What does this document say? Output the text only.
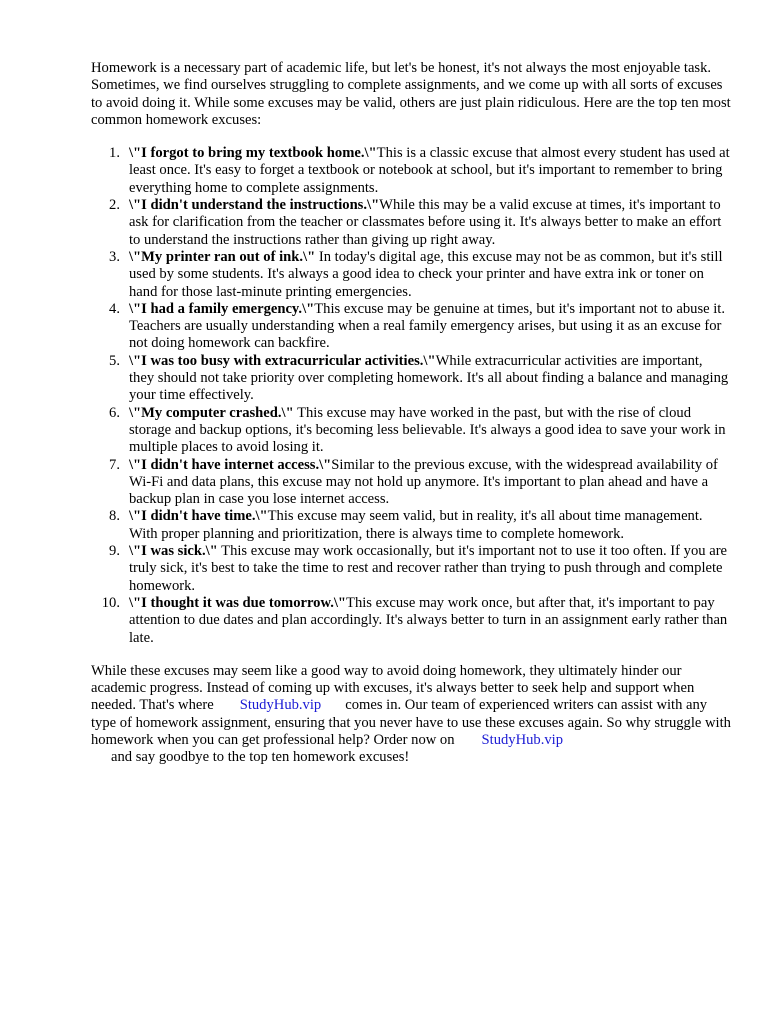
Homework is a necessary part of academic life, but let's be honest, it's not always the most enjoyable task. Sometimes, we find ourselves struggling to complete assignments, and we come up with all sorts of excuses to avoid doing it. While some excuses may be valid, others are just plain ridiculous. Here are the top ten most common homework excuses:

1. \"I forgot to bring my textbook home.\"This is a classic excuse that almost every student has used at least once. It's easy to forget a textbook or notebook at school, but it's important to remember to bring everything home to complete assignments.
2. \"I didn't understand the instructions.\"While this may be a valid excuse at times, it's important to ask for clarification from the teacher or classmates before using it. It's always better to make an effort to understand the instructions rather than giving up right away.
3. \"My printer ran out of ink.\" In today's digital age, this excuse may not be as common, but it's still used by some students. It's always a good idea to check your printer and have extra ink or toner on hand for those last-minute printing emergencies.
4. \"I had a family emergency.\"This excuse may be genuine at times, but it's important not to abuse it. Teachers are usually understanding when a real family emergency arises, but using it as an excuse for not doing homework can backfire.
5. \"I was too busy with extracurricular activities.\"While extracurricular activities are important, they should not take priority over completing homework. It's all about finding a balance and managing your time effectively.
6. \"My computer crashed.\" This excuse may have worked in the past, but with the rise of cloud storage and backup options, it's becoming less believable. It's always a good idea to save your work in multiple places to avoid losing it.
7. \"I didn't have internet access.\"Similar to the previous excuse, with the widespread availability of Wi-Fi and data plans, this excuse may not hold up anymore. It's important to plan ahead and have a backup plan in case you lose internet access.
8. \"I didn't have time.\"This excuse may seem valid, but in reality, it's all about time management. With proper planning and prioritization, there is always time to complete homework.
9. \"I was sick.\" This excuse may work occasionally, but it's important not to use it too often. If you are truly sick, it's best to take the time to rest and recover rather than trying to push through and complete homework.
10. \"I thought it was due tomorrow.\"This excuse may work once, but after that, it's important to pay attention to due dates and plan accordingly. It's always better to turn in an assignment early rather than late.

While these excuses may seem like a good way to avoid doing homework, they ultimately hinder our academic progress. Instead of coming up with excuses, it's always better to seek help and support when needed. That's where StudyHub.vip comes in. Our team of experienced writers can assist with any type of homework assignment, ensuring that you never have to use these excuses again. So why struggle with homework when you can get professional help? Order now on StudyHub.vip
and say goodbye to the top ten homework excuses!
